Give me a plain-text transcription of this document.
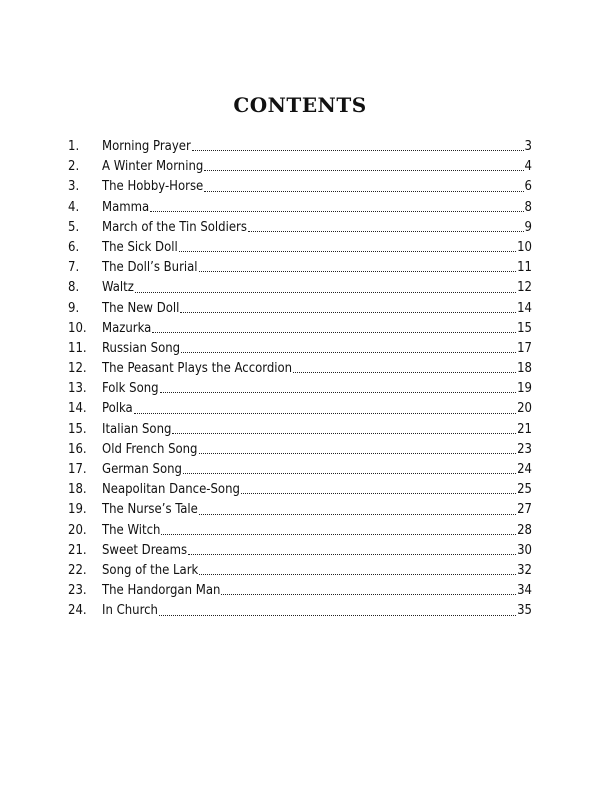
CONTENTS
1.	Morning Prayer	3
2.	A Winter Morning	4
3.	The Hobby-Horse	6
4.	Mamma	8
5.	March of the Tin Soldiers	9
6.	The Sick Doll	10
7.	The Doll’s Burial	11
8.	Waltz	12
9.	The New Doll	14
10.	Mazurka	15
11.	Russian Song	17
12.	The Peasant Plays the Accordion	18
13.	Folk Song	19
14.	Polka	20
15.	Italian Song	21
16.	Old French Song	23
17.	German Song	24
18.	Neapolitan Dance-Song	25
19.	The Nurse’s Tale	27
20.	The Witch	28
21.	Sweet Dreams	30
22.	Song of the Lark	32
23.	The Handorgan Man	34
24.	In Church	35
